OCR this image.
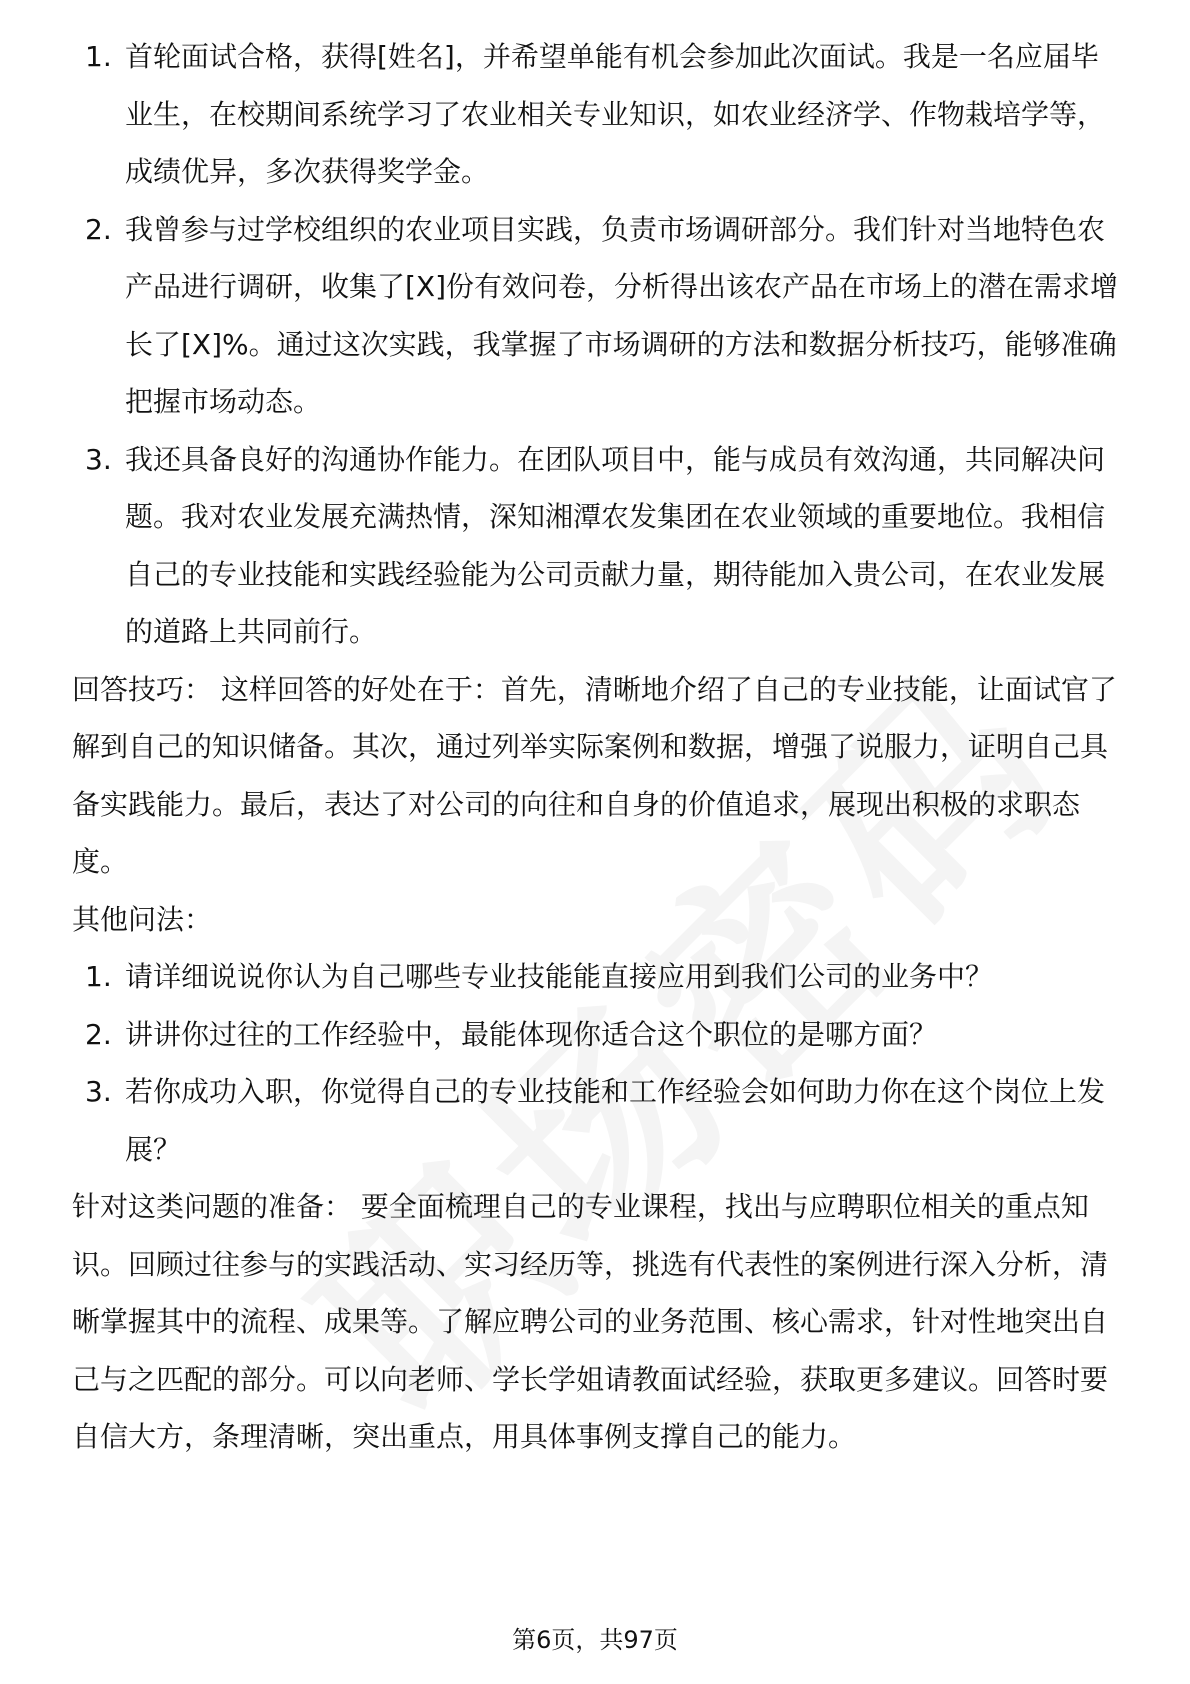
1. 首轮面试合格，获得[姓名]，并希望单能有机会参加此次面试。我是一名应届毕业生，在校期间系统学习了农业相关专业知识，如农业经济学、作物栽培学等，成绩优异，多次获得奖学金。
2. 我曾参与过学校组织的农业项目实践，负责市场调研部分。我们针对当地特色农产品进行调研，收集了[X]份有效问卷，分析得出该农产品在市场上的潜在需求增长了[X]%。通过这次实践，我掌握了市场调研的方法和数据分析技巧，能够准确把握市场动态。
3. 我还具备良好的沟通协作能力。在团队项目中，能与成员有效沟通，共同解决问题。我对农业发展充满热情，深知湘潭农发集团在农业领域的重要地位。我相信自己的专业技能和实践经验能为公司贡献力量，期待能加入贵公司，在农业发展的道路上共同前行。

回答技巧： 这样回答的好处在于：首先，清晰地介绍了自己的专业技能，让面试官了解到自己的知识储备。其次，通过列举实际案例和数据，增强了说服力，证明自己具备实践能力。最后，表达了对公司的向往和自身的价值追求，展现出积极的求职态度。

其他问法：

1. 请详细说说你认为自己哪些专业技能能直接应用到我们公司的业务中？
2. 讲讲你过往的工作经验中，最能体现你适合这个职位的是哪方面？
3. 若你成功入职，你觉得自己的专业技能和工作经验会如何助力你在这个岗位上发展？

针对这类问题的准备： 要全面梳理自己的专业课程，找出与应聘职位相关的重点知识。回顾过往参与的实践活动、实习经历等，挑选有代表性的案例进行深入分析，清晰掌握其中的流程、成果等。了解应聘公司的业务范围、核心需求，针对性地突出自己与之匹配的部分。可以向老师、学长学姐请教面试经验，获取更多建议。回答时要自信大方，条理清晰，突出重点，用具体事例支撑自己的能力。

第6页，共97页
